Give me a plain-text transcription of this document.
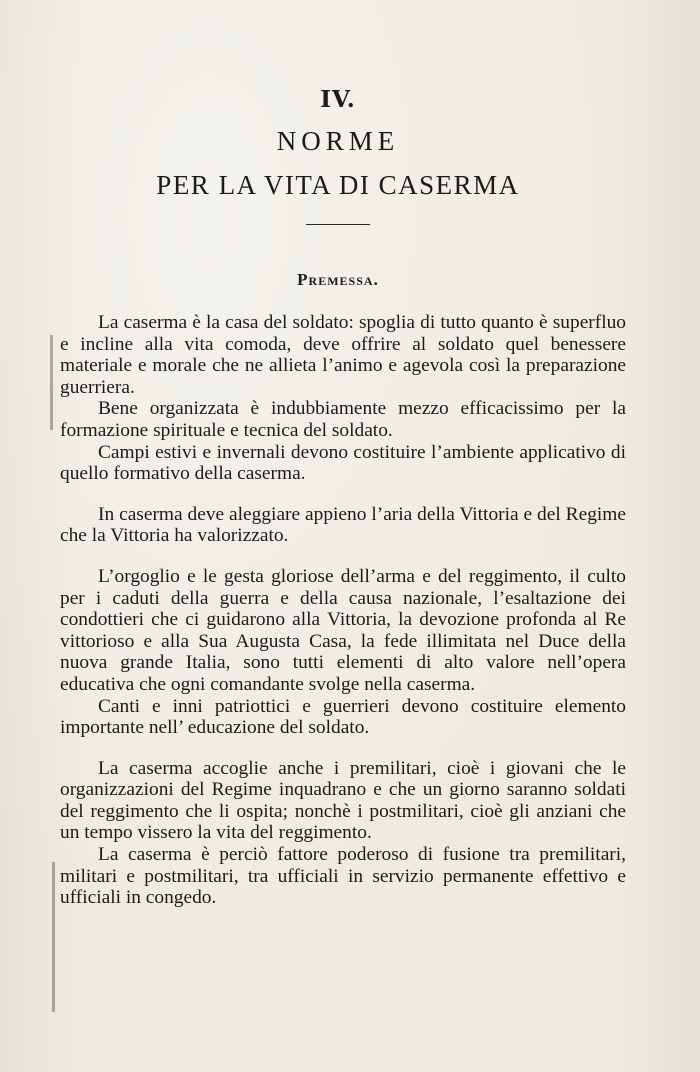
IV.
NORME
PER LA VITA DI CASERMA
Premessa.

La caserma è la casa del soldato: spoglia di tutto quanto è superfluo e incline alla vita comoda, deve offrire al soldato quel benessere materiale e morale che ne allieta l’animo e agevola così la preparazione guerriera.

Bene organizzata è indubbiamente mezzo efficacissimo per la formazione spirituale e tecnica del soldato.

Campi estivi e invernali devono costituire l’ambiente applicativo di quello formativo della caserma.

In caserma deve aleggiare appieno l’aria della Vittoria e del Regime che la Vittoria ha valorizzato.

L’orgoglio e le gesta gloriose dell’arma e del reggimento, il culto per i caduti della guerra e della causa nazionale, l’esaltazione dei condottieri che ci guidarono alla Vittoria, la devozione profonda al Re vittorioso e alla Sua Augusta Casa, la fede illimitata nel Duce della nuova grande Italia, sono tutti elementi di alto valore nell’opera educativa che ogni comandante svolge nella caserma.

Canti e inni patriottici e guerrieri devono costituire elemento importante nell’ educazione del soldato.

La caserma accoglie anche i premilitari, cioè i giovani che le organizzazioni del Regime inquadrano e che un giorno saranno soldati del reggimento che li ospita; nonchè i postmilitari, cioè gli anziani che un tempo vissero la vita del reggimento.

La caserma è perciò fattore poderoso di fusione tra premilitari, militari e postmilitari, tra ufficiali in servizio permanente effettivo e ufficiali in congedo.
